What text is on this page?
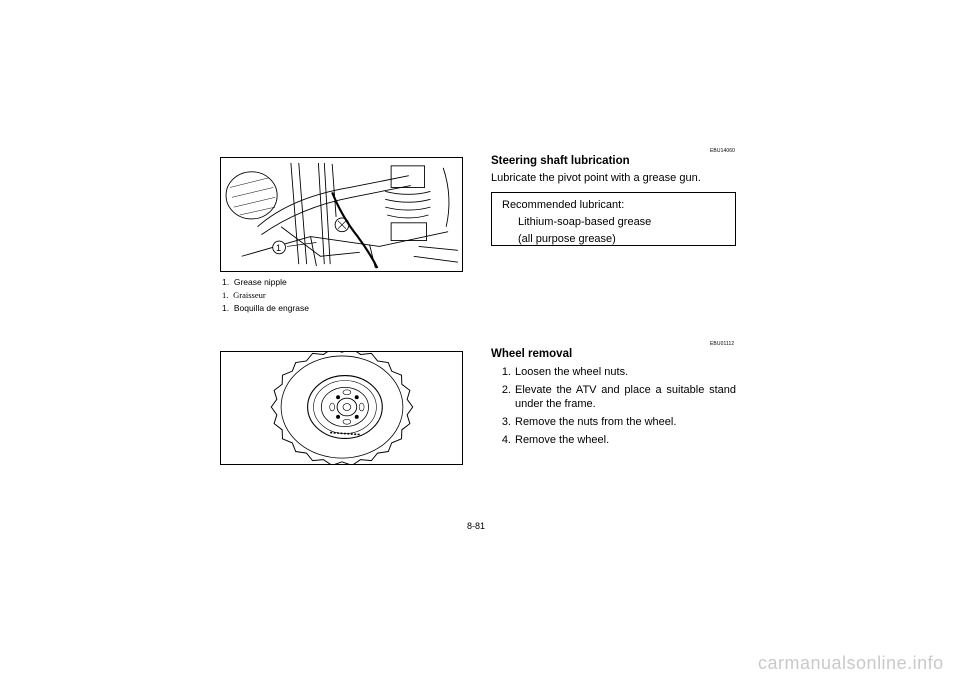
1
1. Grease nipple
1. Graisseur
1. Boquilla de engrase
EBU14060
Steering shaft lubrication
Lubricate the pivot point with a grease gun.
Recommended lubricant:
Lithium-soap-based grease
(all purpose grease)
EBU01112
Wheel removal
1. Loosen the wheel nuts.
2. Elevate the ATV and place a suitable stand under the frame.
3. Remove the nuts from the wheel.
4. Remove the wheel.
8-81
carmanualsonline.info
